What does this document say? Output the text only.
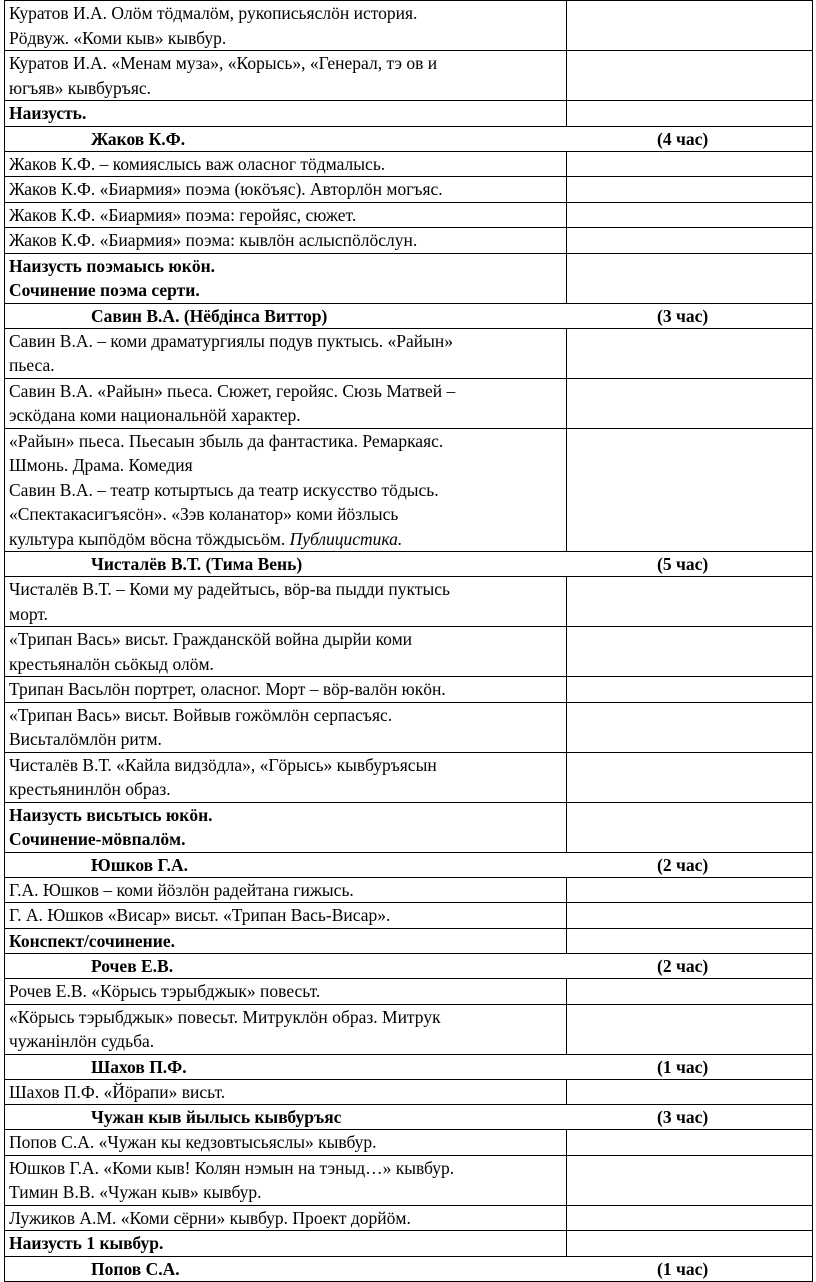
Куратов И.А. Олӧм тӧдмалӧм, рукописьяслӧн история.
Рӧдвуж. «Коми кыв» кывбур.	
Куратов И.А. «Менам муза», «Корысь», «Генерал, тэ ов и
югъяв» кывбуръяс.	
Наизусть.	

Жаков К.Ф. (4 час)	

Жаков К.Ф. – комияслысь важ оласног тӧдмалысь.	
Жаков К.Ф. «Биармия» поэма (юкӧъяс). Авторлӧн могъяс.	
Жаков К.Ф. «Биармия» поэма: геройяс, сюжет.	
Жаков К.Ф. «Биармия» поэма: кывлӧн аслыспӧлӧслун.	
Наизусть поэмаысь юкӧн.
Сочинение поэма серти.	

Савин В.А. (Нёбдінса Виттор) (3 час)	

Савин В.А. – коми драматургиялы подув пуктысь. «Райын»
пьеса.	
Савин В.А. «Райын» пьеса. Сюжет, геройяс. Сюзь Матвей –
эскӧдана коми национальнӧй характер.	
«Райын» пьеса. Пьесаын збыль да фантастика. Ремаркаяс.
Шмонь. Драма. Комедия
Савин В.А. – театр котыртысь да театр искусство тӧдысь.
«Спектакасигъясӧн». «Зэв коланатор» коми йӧзлысь
культура кыпӧдӧм вӧсна тӧждысьӧм. Публицистика.	

Чисталёв В.Т. (Тима Вень) (5 час)	

Чисталёв В.Т. – Коми му радейтысь, вӧр-ва пыдди пуктысь
морт.	
«Трипан Вась» висьт. Гражданскӧй война дырйи коми
крестьяналӧн сьӧкыд олӧм.	
Трипан Васьлӧн портрет, оласног. Морт – вӧр-валӧн юкӧн.	
«Трипан Вась» висьт. Войвыв гожӧмлӧн серпасъяс.
Висьталӧмлӧн ритм.	
Чисталёв В.Т. «Кайла видзӧдла», «Гӧрысь» кывбуръясын
крестьянинлӧн образ.	
Наизусть висьтысь юкӧн.
Сочинение-мӧвпалӧм.	

Юшков Г.А. (2 час)	

Г.А. Юшков – коми йӧзлӧн радейтана гижысь.	
Г. А. Юшков «Висар» висьт. «Трипан Вась-Висар».	
Конспект/сочинение.	

Рочев Е.В. (2 час)	

Рочев Е.В. «Кӧрысь тэрыбджык» повесьт.	
«Кӧрысь тэрыбджык» повесьт. Митруклӧн образ. Митрук
чужанінлӧн судьба.	

Шахов П.Ф. (1 час)	

Шахов П.Ф. «Йӧрапи» висьт.	

Чужан кыв йылысь кывбуръяс (3 час)	

Попов С.А. «Чужан кы кедзовтысьяслы» кывбур.	
Юшков Г.А. «Коми кыв! Колян нэмын на тэныд…» кывбур.
Тимин В.В. «Чужан кыв» кывбур.	
Лужиков А.М. «Коми сёрни» кывбур. Проект дорйӧм.	
Наизусть 1 кывбур.	

Попов С.А. (1 час)	
